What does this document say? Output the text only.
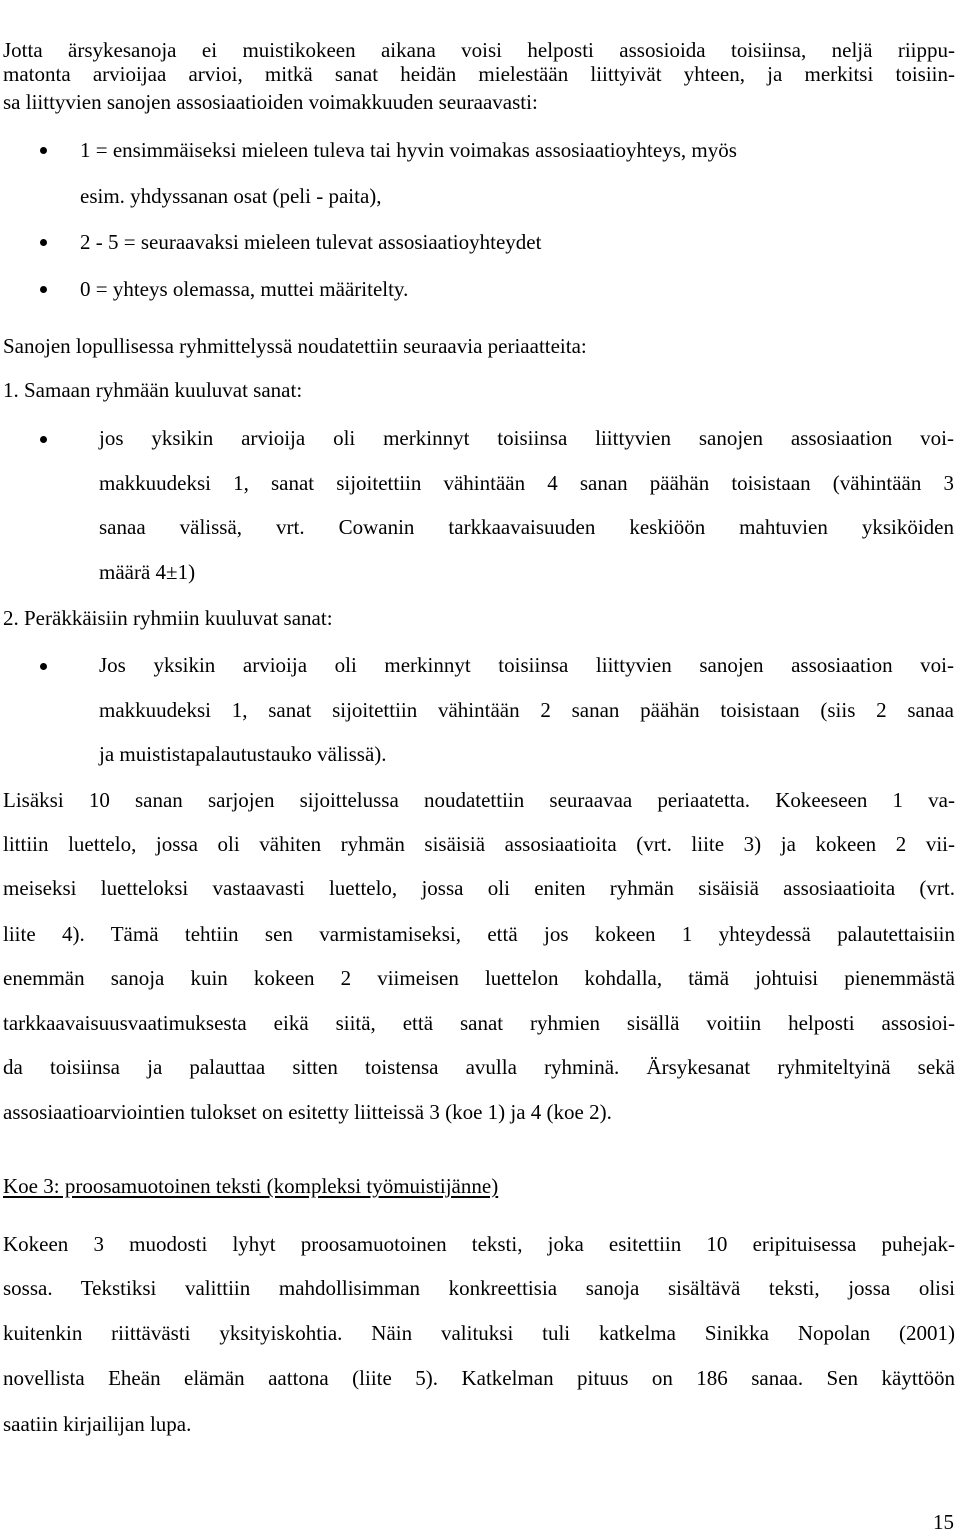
Jotta ärsykesanoja ei muistikokeen aikana voisi helposti assosioida toisiinsa, neljä riippu-
matonta arvioijaa arvioi, mitkä sanat heidän mielestään liittyivät yhteen, ja merkitsi toisiin-
sa liittyvien sanojen assosiaatioiden voimakkuuden seuraavasti:
1 = ensimmäiseksi mieleen tuleva tai hyvin voimakas assosiaatioyhteys, myös
esim. yhdyssanan osat (peli - paita),
2 - 5 = seuraavaksi mieleen tulevat assosiaatioyhteydet
0 = yhteys olemassa, muttei määritelty.
Sanojen lopullisessa ryhmittelyssä noudatettiin seuraavia periaatteita:
1. Samaan ryhmään kuuluvat sanat:
jos yksikin arvioija oli merkinnyt toisiinsa liittyvien sanojen assosiaation voi-
makkuudeksi 1, sanat sijoitettiin vähintään 4 sanan päähän toisistaan (vähintään 3
sanaa välissä, vrt. Cowanin tarkkaavaisuuden keskiöön mahtuvien yksiköiden
määrä 4±1)
2. Peräkkäisiin ryhmiin kuuluvat sanat:
Jos yksikin arvioija oli merkinnyt toisiinsa liittyvien sanojen assosiaation voi-
makkuudeksi 1, sanat sijoitettiin vähintään 2 sanan päähän toisistaan (siis 2 sanaa
ja muististapalautustauko välissä).
Lisäksi 10 sanan sarjojen sijoittelussa noudatettiin seuraavaa periaatetta. Kokeeseen 1 va-
littiin luettelo, jossa oli vähiten ryhmän sisäisiä assosiaatioita (vrt. liite 3) ja kokeen 2 vii-
meiseksi luetteloksi vastaavasti luettelo, jossa oli eniten ryhmän sisäisiä assosiaatioita (vrt.
liite 4). Tämä tehtiin sen varmistamiseksi, että jos kokeen 1 yhteydessä palautettaisiin
enemmän sanoja kuin kokeen 2 viimeisen luettelon kohdalla, tämä johtuisi pienemmästä
tarkkaavaisuusvaatimuksesta eikä siitä, että sanat ryhmien sisällä voitiin helposti assosioi-
da toisiinsa ja palauttaa sitten toistensa avulla ryhminä. Ärsykesanat ryhmiteltyinä sekä
assosiaatioarviointien tulokset on esitetty liitteissä 3 (koe 1) ja 4 (koe 2).
Koe 3: proosamuotoinen teksti (kompleksi työmuistijänne)
Kokeen 3 muodosti lyhyt proosamuotoinen teksti, joka esitettiin 10 eripituisessa puhejak-
sossa. Tekstiksi valittiin mahdollisimman konkreettisia sanoja sisältävä teksti, jossa olisi
kuitenkin riittävästi yksityiskohtia. Näin valituksi tuli katkelma Sinikka Nopolan (2001)
novellista Eheän elämän aattona (liite 5). Katkelman pituus on 186 sanaa. Sen käyttöön
saatiin kirjailijan lupa.
15
